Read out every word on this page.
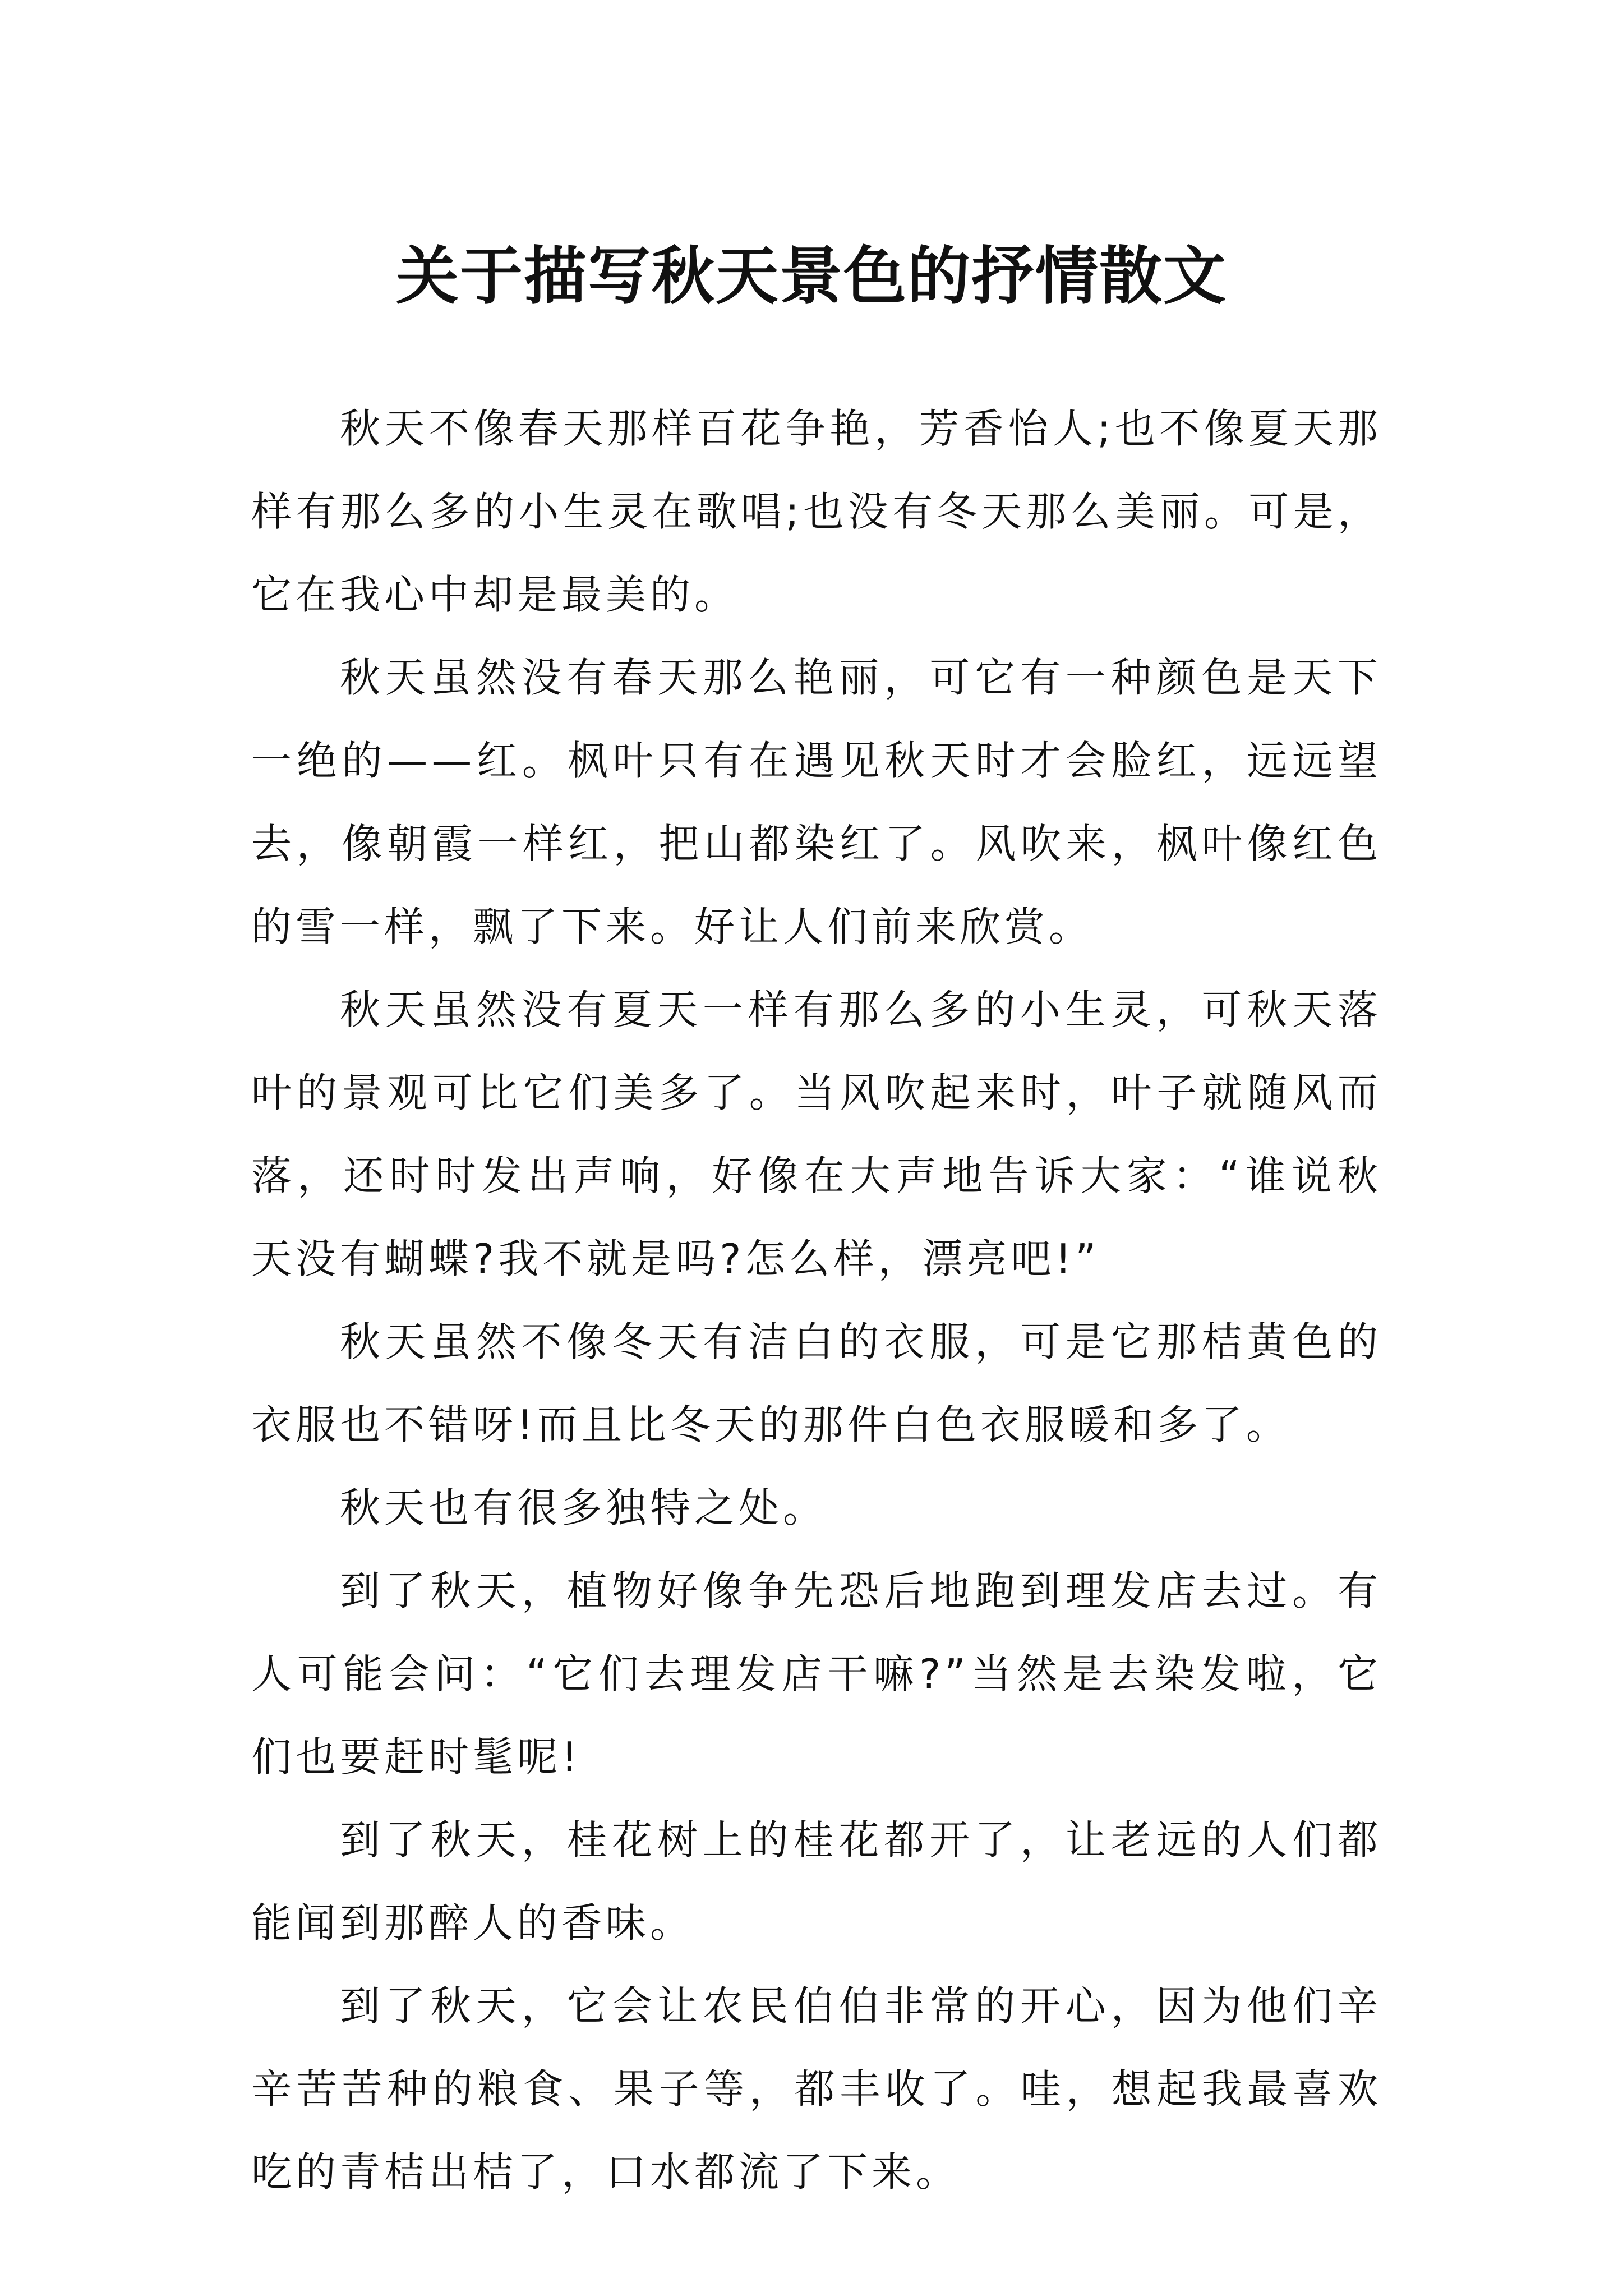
关于描写秋天景色的抒情散文

秋天不像春天那样百花争艳，芳香怡人;也不像夏天那样有那么多的小生灵在歌唱;也没有冬天那么美丽。可是，它在我心中却是最美的。

秋天虽然没有春天那么艳丽，可它有一种颜色是天下一绝的——红。枫叶只有在遇见秋天时才会脸红，远远望去，像朝霞一样红，把山都染红了。风吹来，枫叶像红色的雪一样，飘了下来。好让人们前来欣赏。

秋天虽然没有夏天一样有那么多的小生灵，可秋天落叶的景观可比它们美多了。当风吹起来时，叶子就随风而落，还时时发出声响，好像在大声地告诉大家：“谁说秋天没有蝴蝶?我不就是吗?怎么样，漂亮吧!”

秋天虽然不像冬天有洁白的衣服，可是它那桔黄色的衣服也不错呀!而且比冬天的那件白色衣服暖和多了。

秋天也有很多独特之处。

到了秋天，植物好像争先恐后地跑到理发店去过。有人可能会问：“它们去理发店干嘛?”当然是去染发啦，它们也要赶时髦呢!

到了秋天，桂花树上的桂花都开了，让老远的人们都能闻到那醉人的香味。

到了秋天，它会让农民伯伯非常的开心，因为他们辛辛苦苦种的粮食、果子等，都丰收了。哇，想起我最喜欢吃的青桔出桔了，口水都流了下来。
